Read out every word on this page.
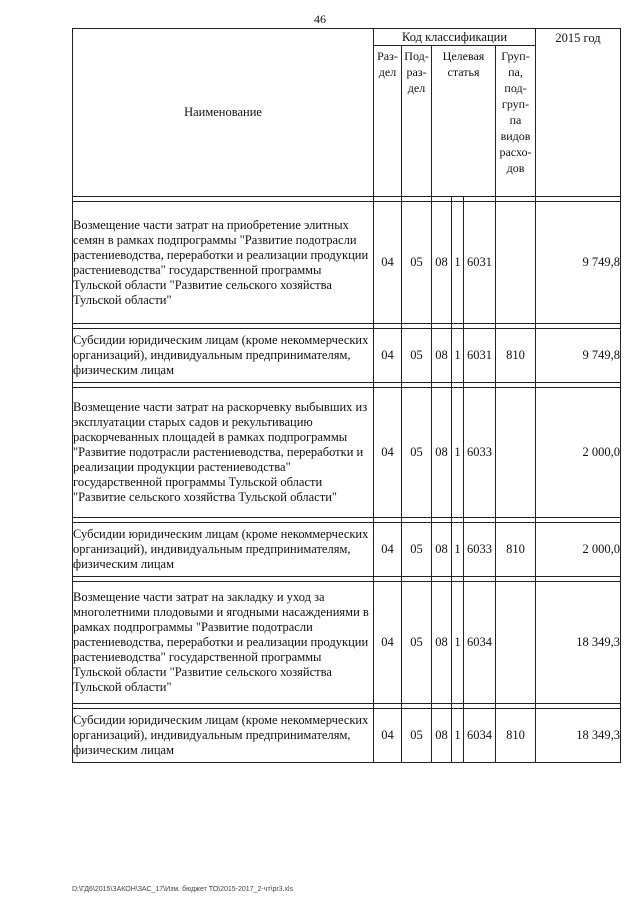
46
Наименование	Код классификации						2015 год
	Раз- дел	Под- раз- дел	Целевая статья			Груп- па, под- груп- па видов расхо- дов	

Возмещение части затрат на приобретение элитных семян в рамках подпрограммы "Развитие подотрасли растениеводства, переработки и реализации продукции растениеводства" государственной программы Тульской области "Развитие сельского хозяйства Тульской области"	04	05	08	1	6031		9 749,8

Субсидии юридическим лицам (кроме некоммерческих организаций), индивидуальным предпринимателям, физическим лицам	04	05	08	1	6031	810	9 749,8

Возмещение части затрат на раскорчевку выбывших из эксплуатации старых садов и рекультивацию раскорчеванных площадей в рамках подпрограммы "Развитие подотрасли растениеводства, переработки и реализации продукции растениеводства" государственной программы Тульской области "Развитие сельского хозяйства Тульской области"	04	05	08	1	6033		2 000,0

Субсидии юридическим лицам (кроме некоммерческих организаций), индивидуальным предпринимателям, физическим лицам	04	05	08	1	6033	810	2 000,0

Возмещение части затрат на закладку и уход за многолетними плодовыми и ягодными насаждениями в рамках подпрограммы "Развитие подотрасли растениеводства, переработки и реализации продукции растениеводства" государственной программы Тульской области "Развитие сельского хозяйства Тульской области"	04	05	08	1	6034		18 349,3

Субсидии юридическим лицам (кроме некоммерческих организаций), индивидуальным предпринимателям, физическим лицам	04	05	08	1	6034	810	18 349,3
D:\ГД6\2015\ЗАКОН\ЗАС_17\Изм. бюджет ТО\2015-2017_2-чт\pr3.xls
